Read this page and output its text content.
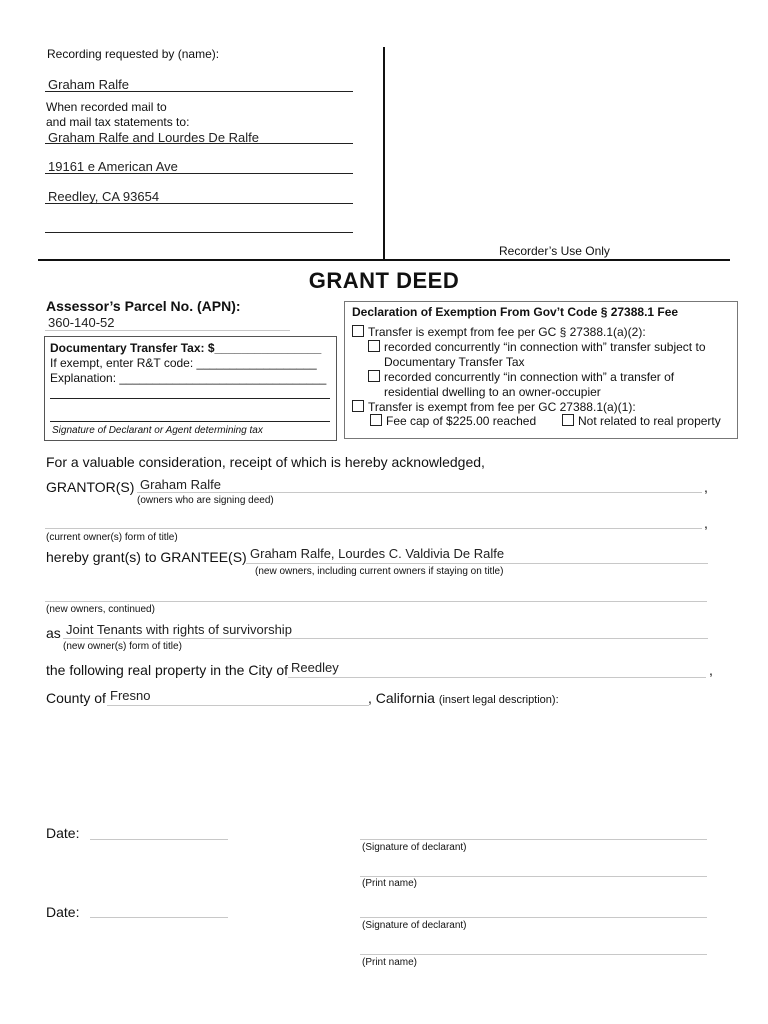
Recording requested by (name):
Graham Ralfe
When recorded mail to
and mail tax statements to:
Graham Ralfe and Lourdes De Ralfe
19161 e American Ave
Reedley, CA 93654
Recorder’s Use Only
GRANT DEED
Assessor’s Parcel No. (APN):
360-140-52
Documentary Transfer Tax: $________________
If exempt, enter R&T code: __________________
Explanation: _______________________________
Signature of Declarant or Agent determining tax
Declaration of Exemption From Gov’t Code § 27388.1 Fee
Transfer is exempt from fee per GC § 27388.1(a)(2):
recorded concurrently “in connection with” transfer subject to
Documentary Transfer Tax
recorded concurrently “in connection with” a transfer of
residential dwelling to an owner-occupier
Transfer is exempt from fee per GC 27388.1(a)(1):
Fee cap of $225.00 reached	Not related to real property
For a valuable consideration, receipt of which is hereby acknowledged,
GRANTOR(S) Graham Ralfe	,
(owners who are signing deed)
,
(current owner(s) form of title)
hereby grant(s) to GRANTEE(S) Graham Ralfe, Lourdes C. Valdivia De Ralfe
(new owners, including current owners if staying on title)
(new owners, continued)
as Joint Tenants with rights of survivorship
(new owner(s) form of title)
the following real property in the City of Reedley	,
County of Fresno	, California (insert legal description):
Date:
(Signature of declarant)
(Print name)
Date:
(Signature of declarant)
(Print name)
